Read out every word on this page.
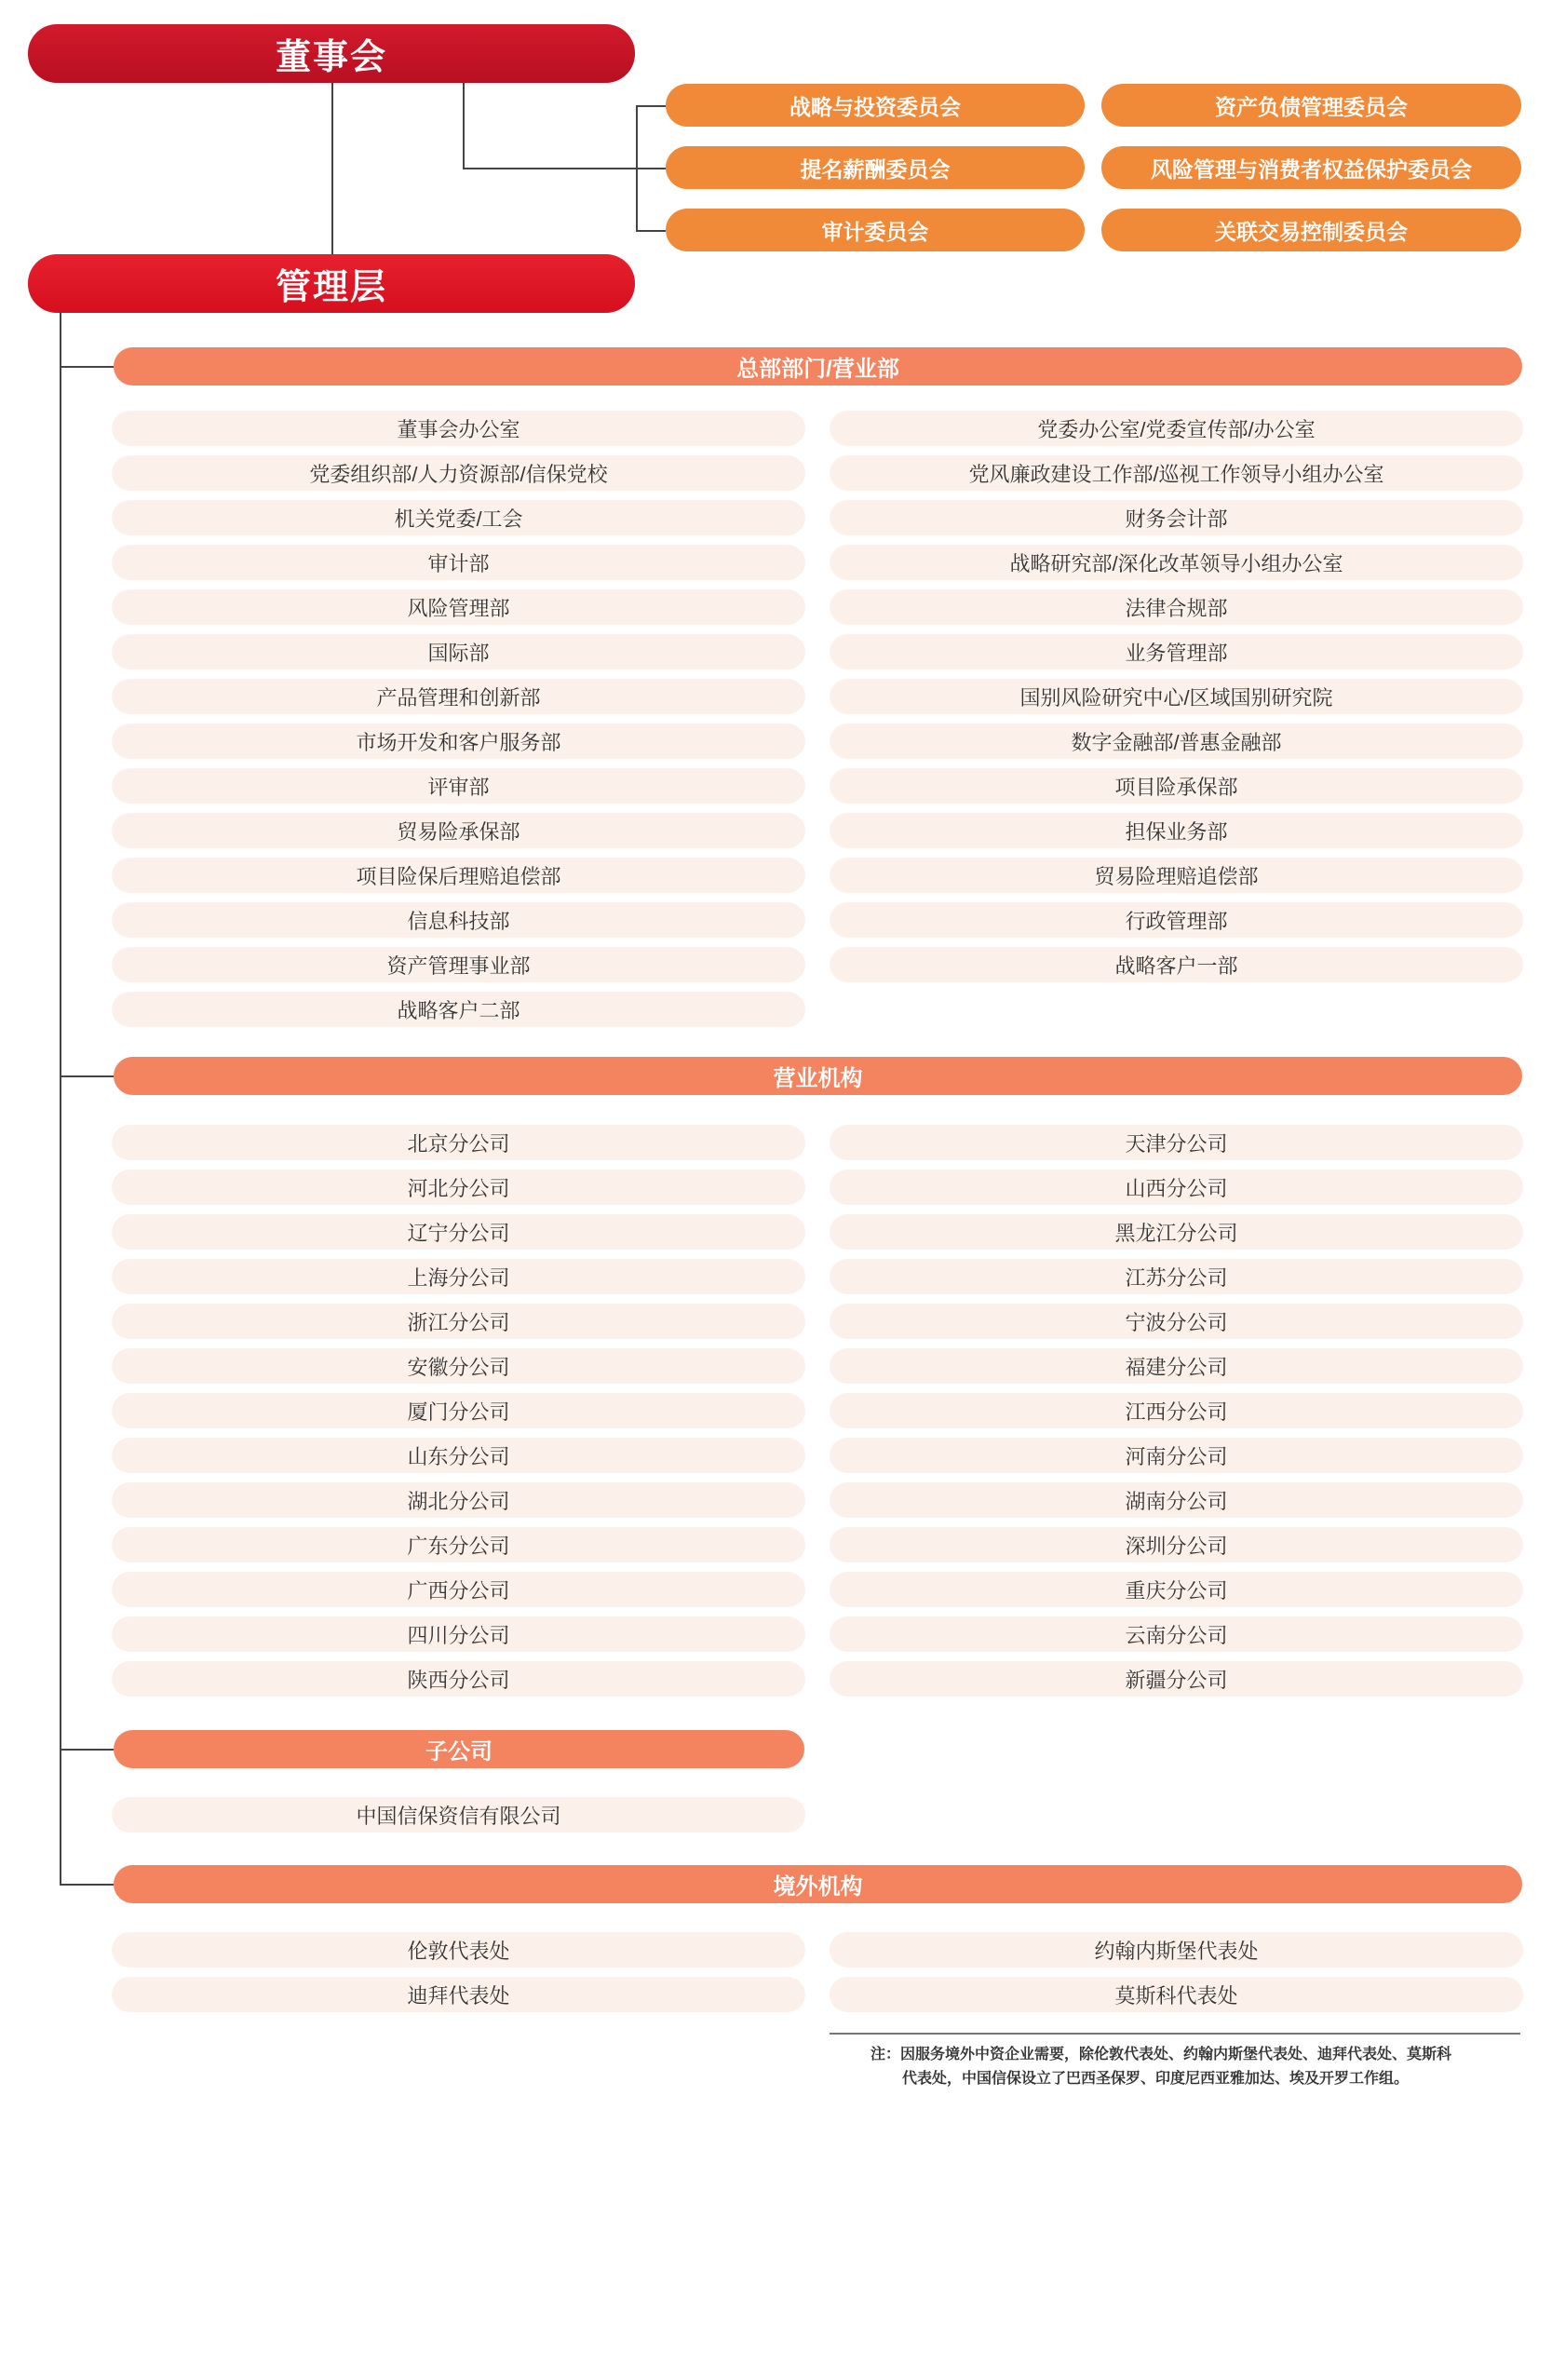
董事会
战略与投资委员会	资产负债管理委员会
提名薪酬委员会	风险管理与消费者权益保护委员会
审计委员会	关联交易控制委员会
管理层
总部部门/营业部
董事会办公室
党委组织部/人力资源部/信保党校
机关党委/工会
审计部
风险管理部
国际部
产品管理和创新部
市场开发和客户服务部
评审部
贸易险承保部
项目险保后理赔追偿部
信息科技部
资产管理事业部
战略客户二部
党委办公室/党委宣传部/办公室
党风廉政建设工作部/巡视工作领导小组办公室
财务会计部
战略研究部/深化改革领导小组办公室
法律合规部
业务管理部
国别风险研究中心/区域国别研究院
数字金融部/普惠金融部
项目险承保部
担保业务部
贸易险理赔追偿部
行政管理部
战略客户一部
营业机构
北京分公司
河北分公司
辽宁分公司
上海分公司
浙江分公司
安徽分公司
厦门分公司
山东分公司
湖北分公司
广东分公司
广西分公司
四川分公司
陕西分公司
天津分公司
山西分公司
黑龙江分公司
江苏分公司
宁波分公司
福建分公司
江西分公司
河南分公司
湖南分公司
深圳分公司
重庆分公司
云南分公司
新疆分公司
子公司
中国信保资信有限公司
境外机构
伦敦代表处
迪拜代表处
约翰内斯堡代表处
莫斯科代表处
注：因服务境外中资企业需要，除伦敦代表处、约翰内斯堡代表处、迪拜代表处、莫斯科
代表处，中国信保设立了巴西圣保罗、印度尼西亚雅加达、埃及开罗工作组。
